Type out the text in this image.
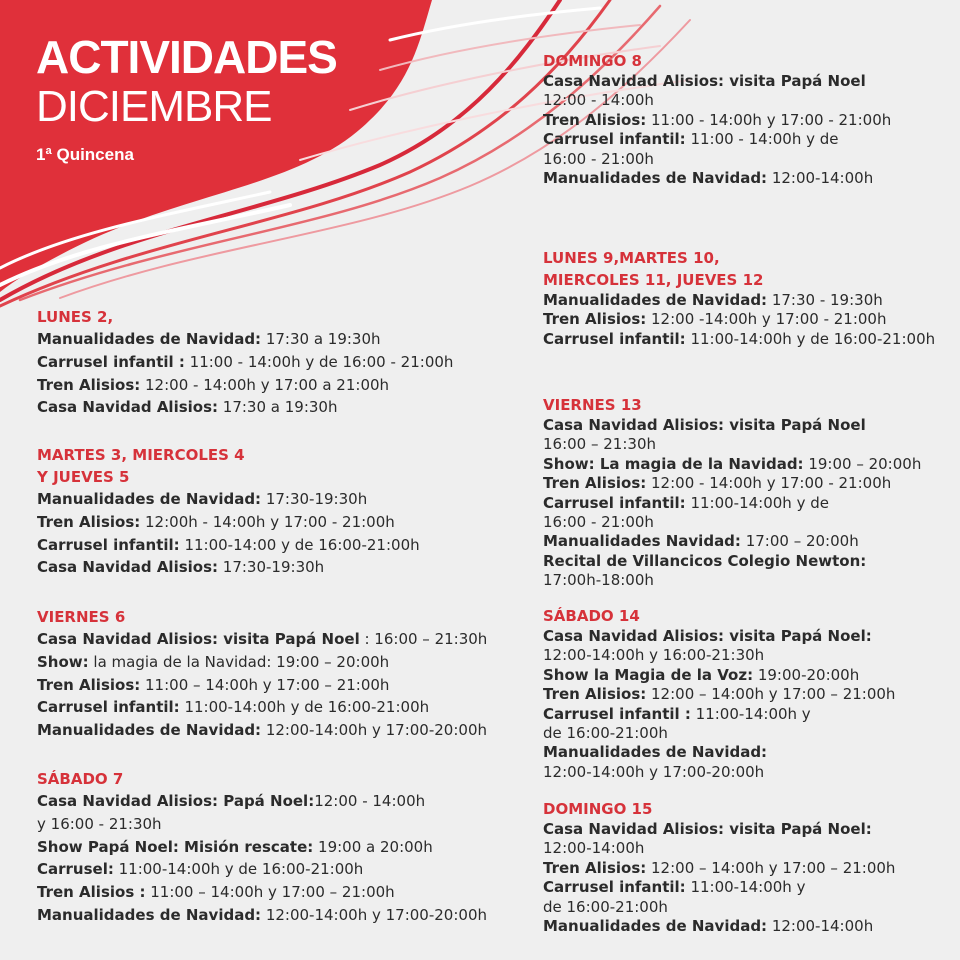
ACTIVIDADES
DICIEMBRE
1ª Quincena
LUNES 2,
Manualidades de Navidad: 17:30 a 19:30h
Carrusel infantil : 11:00 - 14:00h y de 16:00 - 21:00h
Tren Alisios: 12:00 - 14:00h y 17:00 a 21:00h
Casa Navidad Alisios: 17:30 a 19:30h
MARTES 3, MIERCOLES 4
Y JUEVES 5
Manualidades de Navidad: 17:30-19:30h
Tren Alisios: 12:00h - 14:00h y 17:00 - 21:00h
Carrusel infantil: 11:00-14:00 y de 16:00-21:00h
Casa Navidad Alisios: 17:30-19:30h
VIERNES 6
Casa Navidad Alisios: visita Papá Noel : 16:00 – 21:30h
Show: la magia de la Navidad: 19:00 – 20:00h
Tren Alisios: 11:00 – 14:00h y 17:00 – 21:00h
Carrusel infantil: 11:00-14:00h y de 16:00-21:00h
Manualidades de Navidad: 12:00-14:00h y 17:00-20:00h
SÁBADO 7
Casa Navidad Alisios: Papá Noel:12:00 - 14:00h
y 16:00 - 21:30h
Show Papá Noel: Misión rescate: 19:00 a 20:00h
Carrusel: 11:00-14:00h y de 16:00-21:00h
Tren Alisios : 11:00 – 14:00h y 17:00 – 21:00h
Manualidades de Navidad: 12:00-14:00h y 17:00-20:00h
DOMINGO 8
Casa Navidad Alisios: visita Papá Noel
12:00 - 14:00h
Tren Alisios: 11:00 - 14:00h y 17:00 - 21:00h
Carrusel infantil: 11:00 - 14:00h y de
16:00 - 21:00h
Manualidades de Navidad: 12:00-14:00h
LUNES 9,MARTES 10,
MIERCOLES 11, JUEVES 12
Manualidades de Navidad: 17:30 - 19:30h
Tren Alisios: 12:00 -14:00h y 17:00 - 21:00h
Carrusel infantil: 11:00-14:00h y de 16:00-21:00h
VIERNES 13
Casa Navidad Alisios: visita Papá Noel
16:00 – 21:30h
Show: La magia de la Navidad: 19:00 – 20:00h
Tren Alisios: 12:00 - 14:00h y 17:00 - 21:00h
Carrusel infantil: 11:00-14:00h y de
16:00 - 21:00h
Manualidades Navidad: 17:00 – 20:00h
Recital de Villancicos Colegio Newton:
17:00h-18:00h
SÁBADO 14
Casa Navidad Alisios: visita Papá Noel:
12:00-14:00h y 16:00-21:30h
Show la Magia de la Voz: 19:00-20:00h
Tren Alisios: 12:00 – 14:00h y 17:00 – 21:00h
Carrusel infantil : 11:00-14:00h y
de 16:00-21:00h
Manualidades de Navidad:
12:00-14:00h y 17:00-20:00h
DOMINGO 15
Casa Navidad Alisios: visita Papá Noel:
12:00-14:00h
Tren Alisios: 12:00 – 14:00h y 17:00 – 21:00h
Carrusel infantil: 11:00-14:00h y
de 16:00-21:00h
Manualidades de Navidad: 12:00-14:00h
